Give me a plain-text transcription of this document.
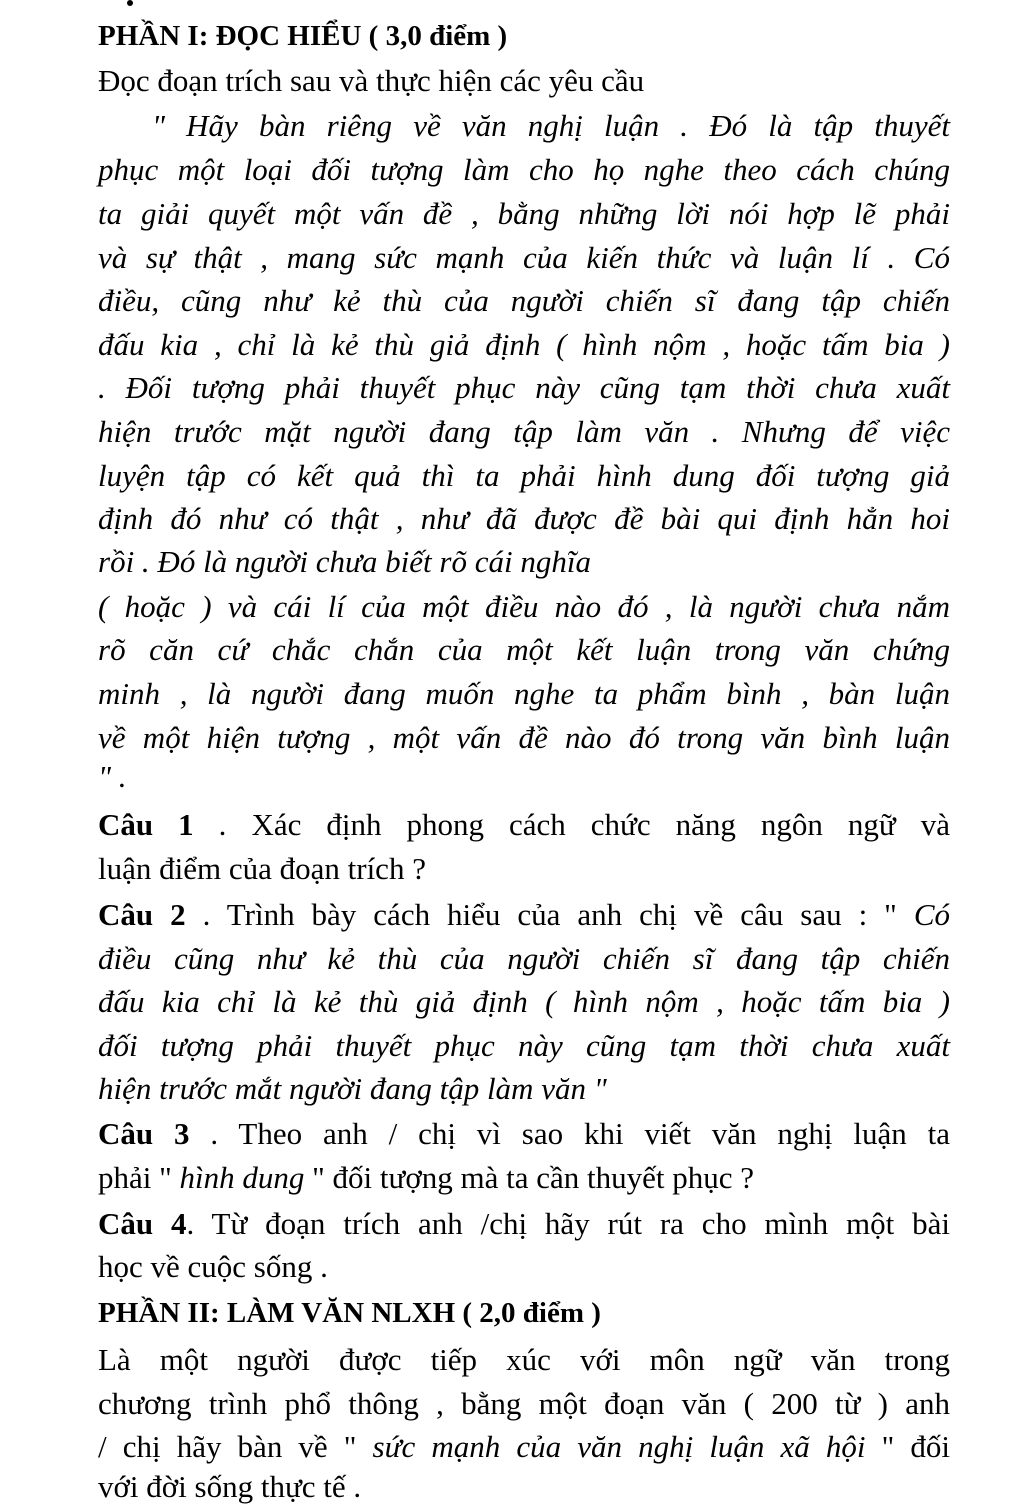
PHẦN I: ĐỌC HIỂU ( 3,0 điểm )
Đọc đoạn trích sau và thực hiện các yêu cầu
" Hãy bàn riêng về văn nghị luận . Đó là tập thuyết
phục một loại đối tượng làm cho họ nghe theo cách chúng
ta giải quyết một vấn đề , bằng những lời nói hợp lẽ phải
và sự thật , mang sức mạnh của kiến thức và luận lí . Có
điều, cũng như kẻ thù của người chiến sĩ đang tập chiến
đấu kia , chỉ là kẻ thù giả định ( hình nộm , hoặc tấm bia )
. Đối tượng phải thuyết phục này cũng tạm thời chưa xuất
hiện trước mặt người đang tập làm văn . Nhưng để việc
luyện tập có kết quả thì ta phải hình dung đối tượng giả
định đó như có thật , như đã được đề bài qui định hẳn hoi
rồi . Đó là người chưa biết rõ cái nghĩa
( hoặc ) và cái lí của một điều nào đó , là người chưa nắm
rõ căn cứ chắc chắn của một kết luận trong văn chứng
minh , là người đang muốn nghe ta phẩm bình , bàn luận
về một hiện tượng , một vấn đề nào đó trong văn bình luận
" .
Câu 1 . Xác định phong cách chức năng ngôn ngữ và
luận điểm của đoạn trích ?
Câu 2 . Trình bày cách hiểu của anh chị về câu sau : " Có
điều cũng như kẻ thù của người chiến sĩ đang tập chiến
đấu kia chỉ là kẻ thù giả định ( hình nộm , hoặc tấm bia )
đối tượng phải thuyết phục này cũng tạm thời chưa xuất
hiện trước mắt người đang tập làm văn "
Câu 3 . Theo anh / chị vì sao khi viết văn nghị luận ta
phải " hình dung " đối tượng mà ta cần thuyết phục ?
Câu 4. Từ đoạn trích anh /chị hãy rút ra cho mình một bài
học về cuộc sống .
PHẦN II: LÀM VĂN NLXH ( 2,0 điểm )
Là một người được tiếp xúc với môn ngữ văn trong
chương trình phổ thông , bằng một đoạn văn ( 200 từ ) anh
/ chị hãy bàn về " sức mạnh của văn nghị luận xã hội " đối
với đời sống thực tế .
